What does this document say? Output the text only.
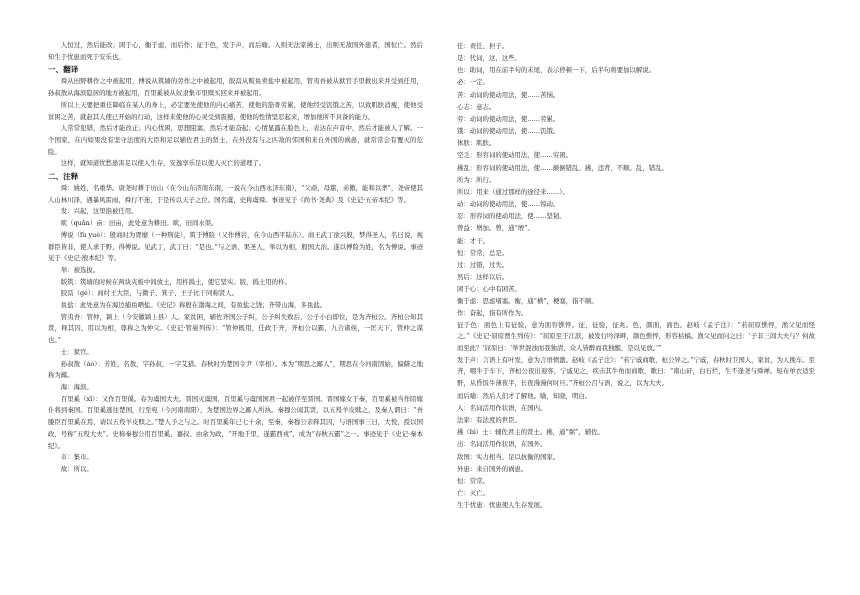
人恒过，然后能改；困于心，衡于虑，而后作；征于色，发于声，而后喻。入则无法家拂士，出则无敌国外患者，国恒亡。然后知生于忧患而死于安乐也。

一、翻译

舜从田野耕作之中被起用，傅说从筑墙的劳作之中被起用，胶鬲从贩鱼卖盐中被起用，管夷吾被从狱官手里救出来并受到任用，孙叔敖从海滨隐居的地方被起用，百里奚被从奴隶集市里赎买回来并被起用。

所以上天要把重任降临在某人的身上，必定要先使他的内心痛苦，使他的筋骨劳累，使他经受饥饿之苦，以致肌肤消瘦，使他受贫困之苦，就赵其人使已开始的行动，这样来使他的心灵受到震撼，使他的性情坚忍起来，增加他所不具备的能力。

人常常犯错，然后才能改正；内心忧困，思想阻塞，然后才能奋起；心情显露在脸色上，表达在声音中，然后才能被人了解。一个国家，在内如果没有坚守法度的大臣和足以辅佐君主的贤士，在外没有与之匹敌的邻国和来自外国的祸患，就常常会有覆灭的危险。

这样，就知道忧愁患害足以使人生存，安逸享乐足以使人灭亡的道理了。

二、注释

舜：姚姓，名重华。唐尧时耕于历山（在今山东济南东南，一说在今山西永济东南），“父顽，母嚚，弟傲，能和以孝”，尧帝使其人山林川泽，遇暴风雷雨，舜行不迷，于是传以天子之位。国名虞，史称虞舜。事迹见于《尚书·尧典》及《史记·五帝本纪》等。

发：兴起，这里指被任用。

畎（quǎn）亩：田亩，此处意为耕田。畎，田间水渠。

傅说（fù yuè）：殷商时为胥靡（一种刑徒），筑于傅险（又作傅岩，在今山西平陆东）。商王武丁欲兴殷，梦得圣人，名曰说，视群臣皆非，使人求于野，得傅说。见武丁，武丁曰：“是也。”与之语，果圣人，举以为相，殷国大治。遂以傅险为姓，名为傅说。事迹见于《史记·殷本纪》等。

举：被选拔。

版筑：筑墙的时候在两块夹板中间放土，用杵捣土，使它坚实。版，捣土用的杵。

胶鬲（gé）：商纣王大臣，与微子、箕子、王子比干同称贤人。

鱼盐：此处意为在海边捕鱼晒盐。《史记》称殷在渤海之间，有鱼盐之饶；齐带山海，多鱼盐。

管夷吾：管仲，颍上（今安徽颍上县）人。家贫困，辅佐齐国公子纠，公子纠失败后，公子小白即位，是为齐桓公。齐桓公知其贤，释其囚，用以为相，尊称之为仲父。《史记·管晏列传》：“管仲既用，任政于齐，齐桓公以霸，九合诸侯，一匡天下，管仲之谋也。”

士：狱官。

孙叔敖（áo）：芳姓，名敖，字孙叔，一字艾猎。春秋时为楚国令尹（宰相）。本为“期思之鄙人”，期思在今河南固始，偏僻之地称为鄙。

海：海滨。

百里奚（xī）：又作百里傒。春为虞国大夫。晋国灭虞国，百里奚与虞国国君一起被俘至晋国。晋国嫁女于秦，百里奚被当作陪嫁仆将到秦国。百里奚逃往楚国，行至宛（今河南南阳），为楚国边界之鄙人所执。秦穆公闻其贤，以五羖羊皮赎之，及秦人谓曰：“吾媵臣百里奚在焉，请以五羖羊皮赎之。”楚人予之与之。时百里奚年已七十余，至秦，秦穆公亲释其囚，与语国事三日，大悦，授以国政，号称“五羖大夫”。史称秦穆公用百里奚、蹇叔、由余为政，“开地千里，遂霸西戎”，成为“春秋五霸”之一。事迹见于《史记·秦本纪》。

市：集市。

故：所以。

任：责任、担子。

是：代词，这，这些。

也：助词，用在前半句的末尾，表示停顿一下，后半句将要加以解说。

必：一定。

苦：动词的使动用法，使……苦恼。

心志：意志。

劳：动词的使动用法，使……劳累。

饿：动词的使动用法，使……饥饿。

体肤：肌肤。

空乏：形容词的使动用法，使……穷困。

拂乱：形容词的使动用法，使……颠倒错乱。拂，违背，不顺。乱，错乱。

所为：所行。

所以：用来（通过那样的途径来……）。

动：动词的使动用法，使……惊动。

忍：形容词的使动用法，使……坚韧。

曾益：增加。曾，通“增”。

能：才干。

恒：常常，总是。

过：过错，过失。

然后：这样以后。

困于心：心中有困苦。

衡于虑：思虑堵塞。衡，通“横”，梗塞，指不顺。

作：奋起，指有所作为。

征于色：面色上有征验，意为面容憔悴。征，征验，征兆。色，颜面，面色。赵岐《孟子注》：“若屈原憔悴，渔父见而怪之。”《史记·屈原贾生列传》：“屈原至于江滨，被发行吟泽畔，颜色憔悴，形容枯槁。渔父见而问之曰：‘子非三闾大夫与？何故而至此？’屈原曰：‘举世混浊而我独清，众人皆醉而我独醒，是以见放。’”

发于声：言语上有叶发，意为言语愤激。赵岐《孟子注》：“若宁戚商歌，桓公异之。”宁戚，春秋时卫国人，家贫，为人挽车。至齐，喂牛于车下，齐桓公夜出迎客，宁戚见之，疾击其牛角而商歌，歌曰：“南山矸，白石烂，生不逢尧与舜禅。短布单衣适至骭，从昏饭牛薄夜半，长夜漫漫何时旦。”齐桓公召与语，说之，以为大夫。

而后喻：然后人们才了解他。喻，知晓，明白。

入：名词活用作状语，在国内。

法家：有法度的世臣。

拂（bì）士：辅佐君主的贤士。拂，通“弼”，辅佐。

出：名词活用作状语，在国外。

敌国：实力相当、足以抗衡的国家。

外患：来自国外的祸患。

恒：常常。

亡：灭亡。

生于忧患：忧患使人生存发展。
